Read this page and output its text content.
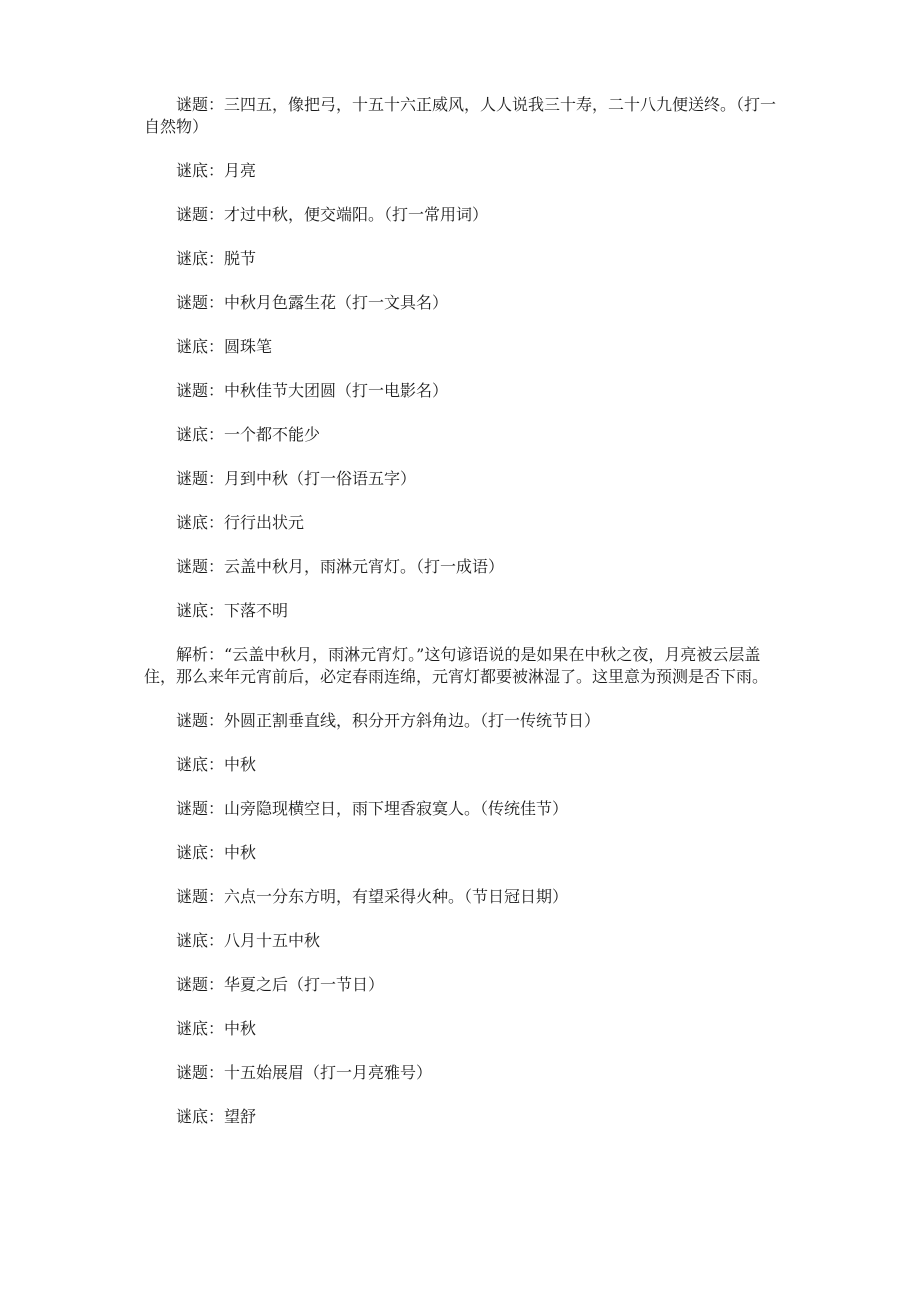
谜题：三四五，像把弓，十五十六正威风，人人说我三十寿，二十八九便送终。（打一自然物）

谜底：月亮

谜题：才过中秋，便交端阳。（打一常用词）

谜底：脱节

谜题：中秋月色露生花（打一文具名）

谜底：圆珠笔

谜题：中秋佳节大团圆（打一电影名）

谜底：一个都不能少

谜题：月到中秋（打一俗语五字）

谜底：行行出状元

谜题：云盖中秋月，雨淋元宵灯。（打一成语）

谜底：下落不明

解析：“云盖中秋月，雨淋元宵灯。”这句谚语说的是如果在中秋之夜，月亮被云层盖住，那么来年元宵前后，必定春雨连绵，元宵灯都要被淋湿了。这里意为预测是否下雨。

谜题：外圆正割垂直线，积分开方斜角边。（打一传统节日）

谜底：中秋

谜题：山旁隐现横空日，雨下埋香寂寞人。（传统佳节）

谜底：中秋

谜题：六点一分东方明，有望采得火种。（节日冠日期）

谜底：八月十五中秋

谜题：华夏之后（打一节日）

谜底：中秋

谜题：十五始展眉（打一月亮雅号）

谜底：望舒
